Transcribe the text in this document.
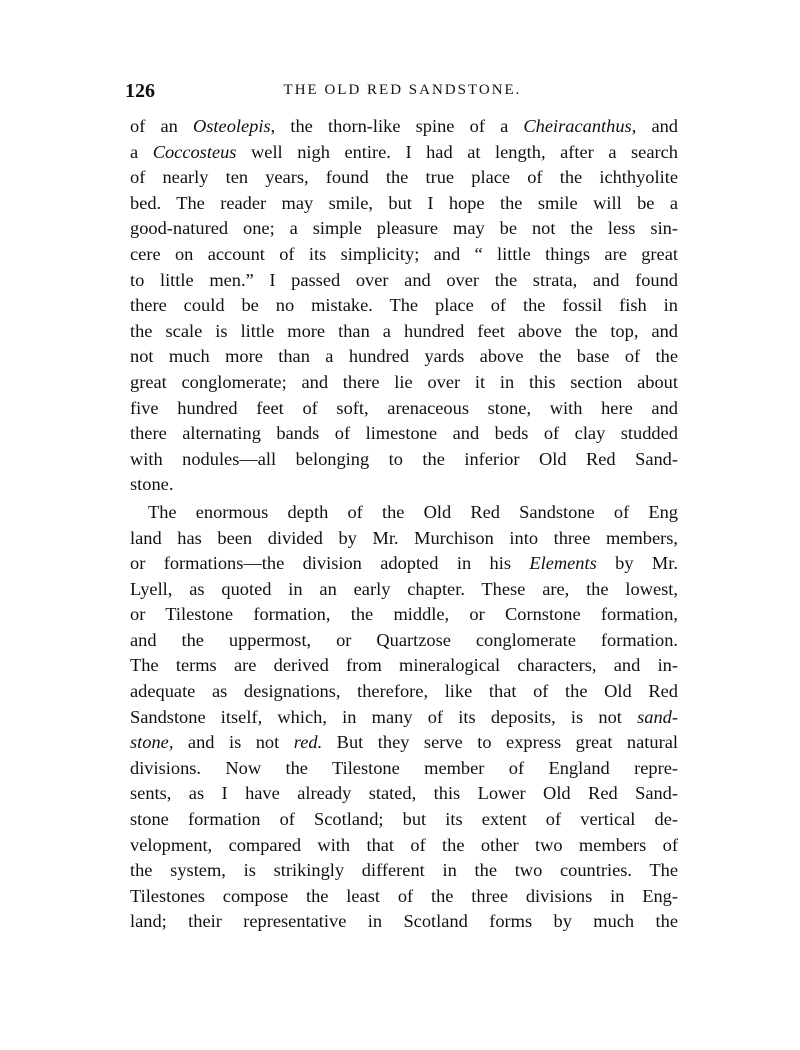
126	THE OLD RED SANDSTONE.
of an Osteolepis, the thorn-like spine of a Cheiracanthus, and
a Coccosteus well nigh entire. I had at length, after a search
of nearly ten years, found the true place of the ichthyolite
bed. The reader may smile, but I hope the smile will be a
good-natured one; a simple pleasure may be not the less sin-
cere on account of its simplicity; and “ little things are great
to little men.” I passed over and over the strata, and found
there could be no mistake. The place of the fossil fish in
the scale is little more than a hundred feet above the top, and
not much more than a hundred yards above the base of the
great conglomerate; and there lie over it in this section about
five hundred feet of soft, arenaceous stone, with here and
there alternating bands of limestone and beds of clay studded
with nodules—all belonging to the inferior Old Red Sand-
stone.
The enormous depth of the Old Red Sandstone of Eng
land has been divided by Mr. Murchison into three members,
or formations—the division adopted in his Elements by Mr.
Lyell, as quoted in an early chapter. These are, the lowest,
or Tilestone formation, the middle, or Cornstone formation,
and the uppermost, or Quartzose conglomerate formation.
The terms are derived from mineralogical characters, and in-
adequate as designations, therefore, like that of the Old Red
Sandstone itself, which, in many of its deposits, is not sand-
stone, and is not red. But they serve to express great natural
divisions. Now the Tilestone member of England repre-
sents, as I have already stated, this Lower Old Red Sand-
stone formation of Scotland; but its extent of vertical de-
velopment, compared with that of the other two members of
the system, is strikingly different in the two countries. The
Tilestones compose the least of the three divisions in Eng-
land; their representative in Scotland forms by much the
